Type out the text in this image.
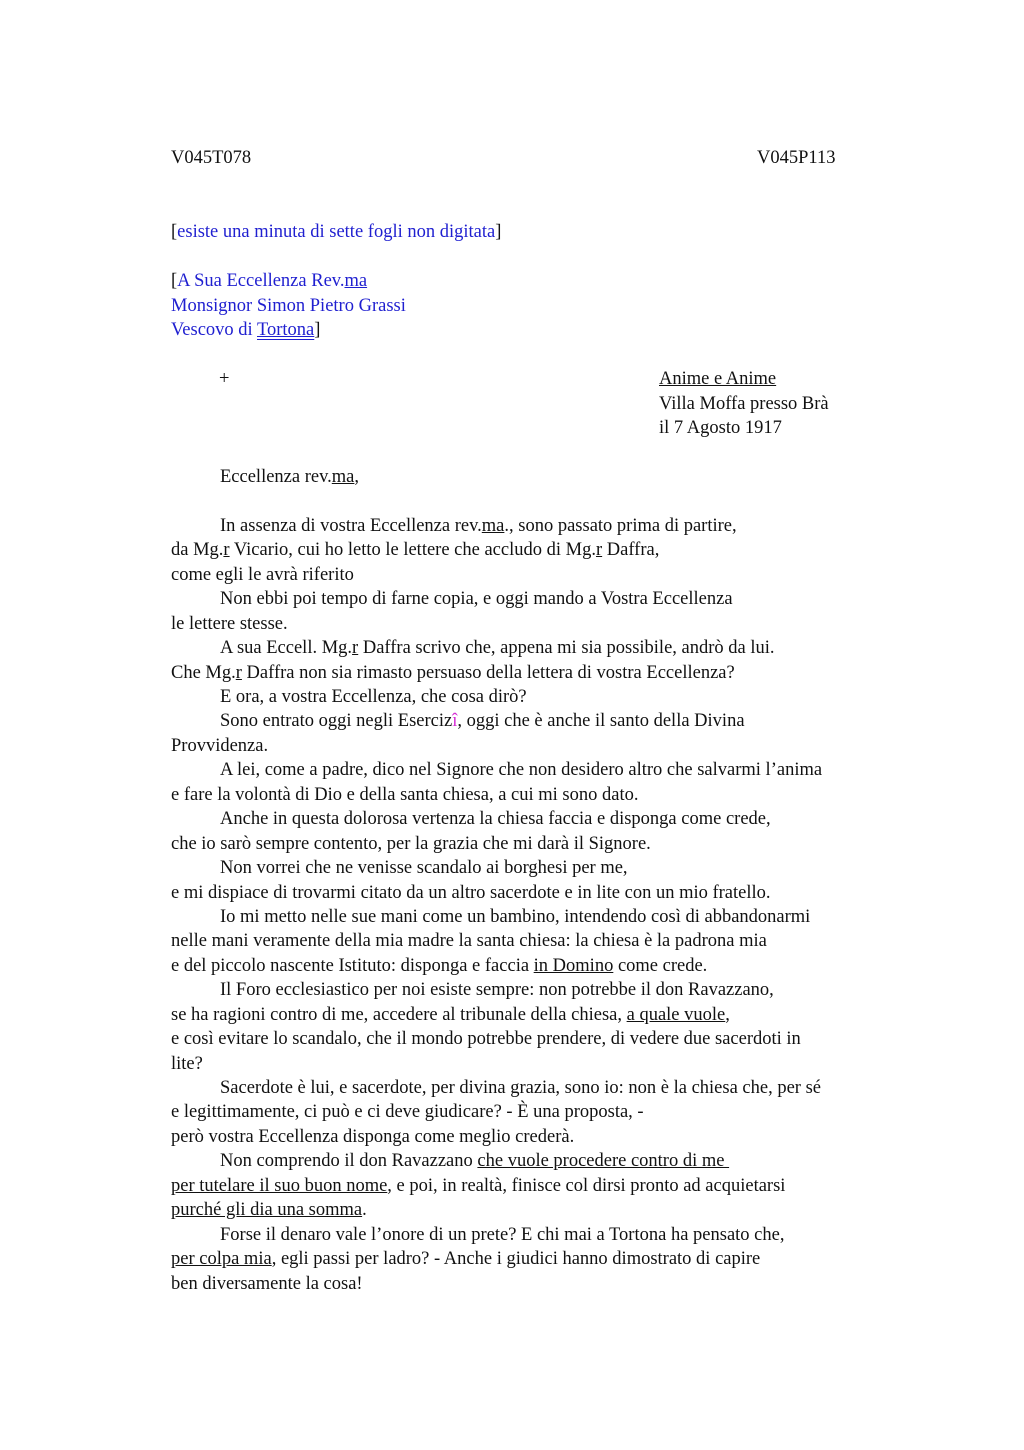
V045T078	V045P113
[esiste una minuta di sette fogli non digitata]
[A Sua Eccellenza Rev.ma
Monsignor Simon Pietro Grassi
Vescovo di Tortona]
+	Anime e Anime
Villa Moffa presso Brà
il 7 Agosto 1917
Eccellenza rev.ma,
In assenza di vostra Eccellenza rev.ma., sono passato prima di partire,
da Mg.r Vicario, cui ho letto le lettere che accludo di Mg.r Daffra,
come egli le avrà riferito
Non ebbi poi tempo di farne copia, e oggi mando a Vostra Eccellenza
le lettere stesse.
A sua Eccell. Mg.r Daffra scrivo che, appena mi sia possibile, andrò da lui.
Che Mg.r Daffra non sia rimasto persuaso della lettera di vostra Eccellenza?
E ora, a vostra Eccellenza, che cosa dirò?
Sono entrato oggi negli Esercizî, oggi che è anche il santo della Divina
Provvidenza.
A lei, come a padre, dico nel Signore che non desidero altro che salvarmi l’anima
e fare la volontà di Dio e della santa chiesa, a cui mi sono dato.
Anche in questa dolorosa vertenza la chiesa faccia e disponga come crede,
che io sarò sempre contento, per la grazia che mi darà il Signore.
Non vorrei che ne venisse scandalo ai borghesi per me,
e mi dispiace di trovarmi citato da un altro sacerdote e in lite con un mio fratello.
Io mi metto nelle sue mani come un bambino, intendendo così di abbandonarmi
nelle mani veramente della mia madre la santa chiesa: la chiesa è la padrona mia
e del piccolo nascente Istituto: disponga e faccia in Domino come crede.
Il Foro ecclesiastico per noi esiste sempre: non potrebbe il don Ravazzano,
se ha ragioni contro di me, accedere al tribunale della chiesa, a quale vuole,
e così evitare lo scandalo, che il mondo potrebbe prendere, di vedere due sacerdoti in
lite?
Sacerdote è lui, e sacerdote, per divina grazia, sono io: non è la chiesa che, per sé
e legittimamente, ci può e ci deve giudicare? - È una proposta, -
però vostra Eccellenza disponga come meglio crederà.
Non comprendo il don Ravazzano che vuole procedere contro di me
per tutelare il suo buon nome, e poi, in realtà, finisce col dirsi pronto ad acquietarsi
purché gli dia una somma.
Forse il denaro vale l’onore di un prete? E chi mai a Tortona ha pensato che,
per colpa mia, egli passi per ladro? - Anche i giudici hanno dimostrato di capire
ben diversamente la cosa!
